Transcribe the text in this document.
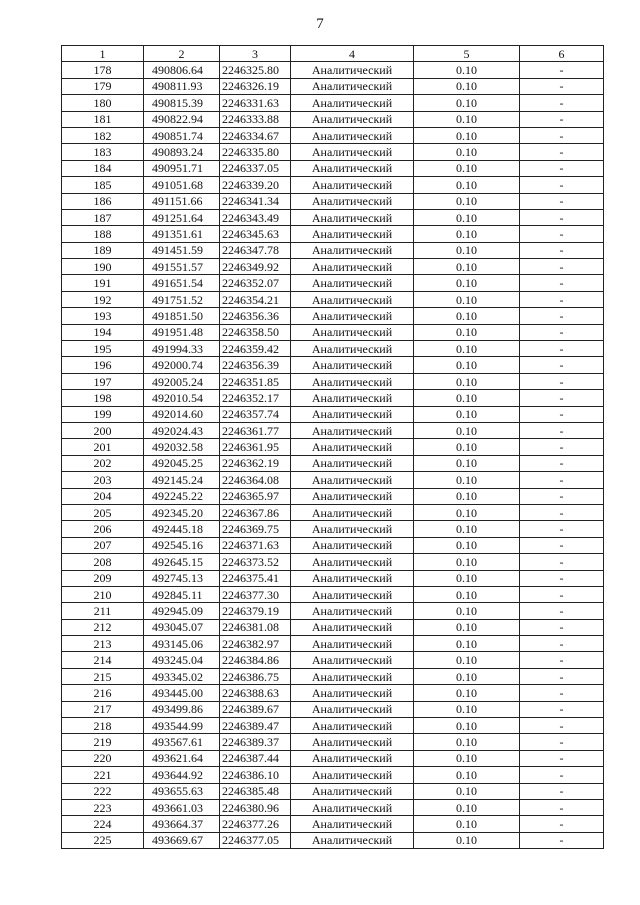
7
1	2	3	4	5	6
178	490806.64	2246325.80	Аналитический	0.10	-
179	490811.93	2246326.19	Аналитический	0.10	-
180	490815.39	2246331.63	Аналитический	0.10	-
181	490822.94	2246333.88	Аналитический	0.10	-
182	490851.74	2246334.67	Аналитический	0.10	-
183	490893.24	2246335.80	Аналитический	0.10	-
184	490951.71	2246337.05	Аналитический	0.10	-
185	491051.68	2246339.20	Аналитический	0.10	-
186	491151.66	2246341.34	Аналитический	0.10	-
187	491251.64	2246343.49	Аналитический	0.10	-
188	491351.61	2246345.63	Аналитический	0.10	-
189	491451.59	2246347.78	Аналитический	0.10	-
190	491551.57	2246349.92	Аналитический	0.10	-
191	491651.54	2246352.07	Аналитический	0.10	-
192	491751.52	2246354.21	Аналитический	0.10	-
193	491851.50	2246356.36	Аналитический	0.10	-
194	491951.48	2246358.50	Аналитический	0.10	-
195	491994.33	2246359.42	Аналитический	0.10	-
196	492000.74	2246356.39	Аналитический	0.10	-
197	492005.24	2246351.85	Аналитический	0.10	-
198	492010.54	2246352.17	Аналитический	0.10	-
199	492014.60	2246357.74	Аналитический	0.10	-
200	492024.43	2246361.77	Аналитический	0.10	-
201	492032.58	2246361.95	Аналитический	0.10	-
202	492045.25	2246362.19	Аналитический	0.10	-
203	492145.24	2246364.08	Аналитический	0.10	-
204	492245.22	2246365.97	Аналитический	0.10	-
205	492345.20	2246367.86	Аналитический	0.10	-
206	492445.18	2246369.75	Аналитический	0.10	-
207	492545.16	2246371.63	Аналитический	0.10	-
208	492645.15	2246373.52	Аналитический	0.10	-
209	492745.13	2246375.41	Аналитический	0.10	-
210	492845.11	2246377.30	Аналитический	0.10	-
211	492945.09	2246379.19	Аналитический	0.10	-
212	493045.07	2246381.08	Аналитический	0.10	-
213	493145.06	2246382.97	Аналитический	0.10	-
214	493245.04	2246384.86	Аналитический	0.10	-
215	493345.02	2246386.75	Аналитический	0.10	-
216	493445.00	2246388.63	Аналитический	0.10	-
217	493499.86	2246389.67	Аналитический	0.10	-
218	493544.99	2246389.47	Аналитический	0.10	-
219	493567.61	2246389.37	Аналитический	0.10	-
220	493621.64	2246387.44	Аналитический	0.10	-
221	493644.92	2246386.10	Аналитический	0.10	-
222	493655.63	2246385.48	Аналитический	0.10	-
223	493661.03	2246380.96	Аналитический	0.10	-
224	493664.37	2246377.26	Аналитический	0.10	-
225	493669.67	2246377.05	Аналитический	0.10	-
